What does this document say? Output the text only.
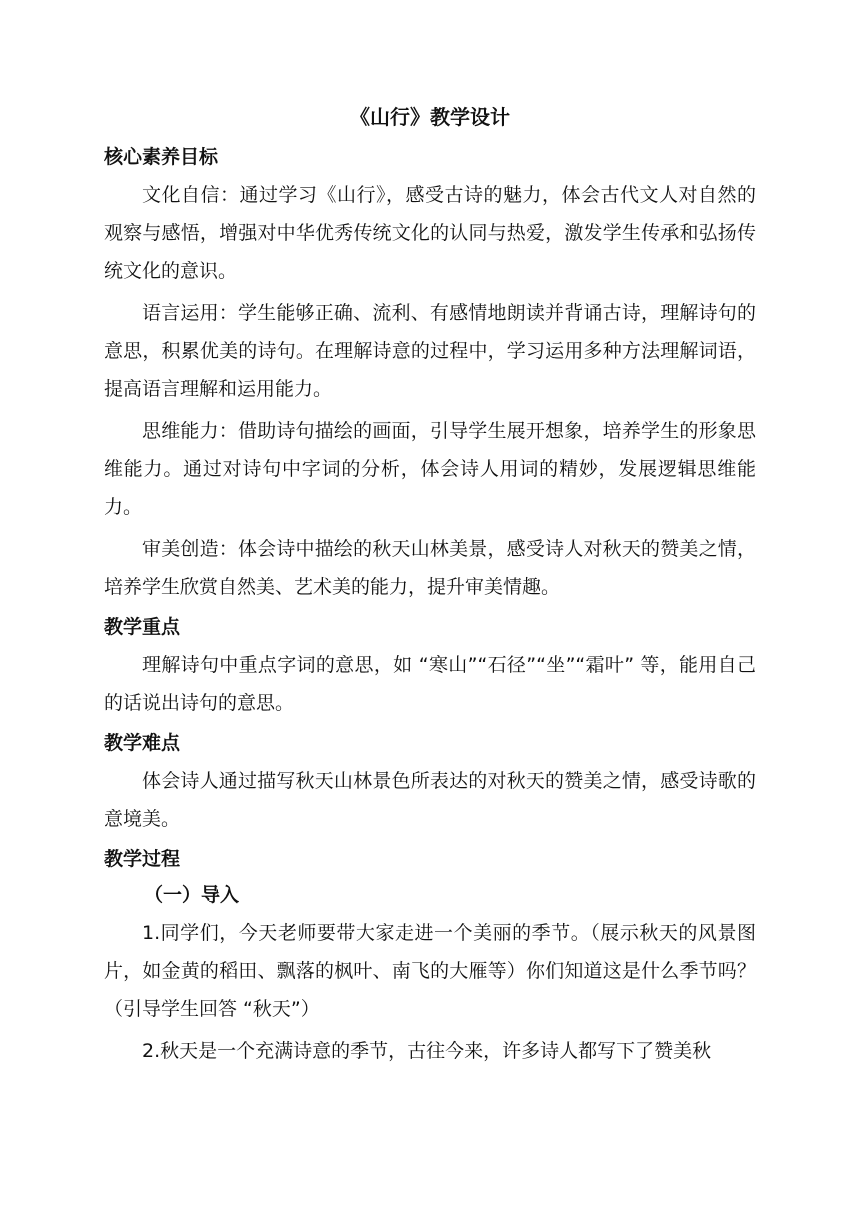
《山行》教学设计
核心素养目标

文化自信：通过学习《山行》，感受古诗的魅力，体会古代文人对自然的观察与感悟，增强对中华优秀传统文化的认同与热爱，激发学生传承和弘扬传统文化的意识。

语言运用：学生能够正确、流利、有感情地朗读并背诵古诗，理解诗句的意思，积累优美的诗句。在理解诗意的过程中，学习运用多种方法理解词语，提高语言理解和运用能力。

思维能力：借助诗句描绘的画面，引导学生展开想象，培养学生的形象思维能力。通过对诗句中字词的分析，体会诗人用词的精妙，发展逻辑思维能力。

审美创造：体会诗中描绘的秋天山林美景，感受诗人对秋天的赞美之情，培养学生欣赏自然美、艺术美的能力，提升审美情趣。

教学重点

理解诗句中重点字词的意思，如 “寒山”“石径”“坐”“霜叶” 等，能用自己的话说出诗句的意思。

教学难点

体会诗人通过描写秋天山林景色所表达的对秋天的赞美之情，感受诗歌的意境美。

教学过程
（一）导入

1.同学们，今天老师要带大家走进一个美丽的季节。（展示秋天的风景图片，如金黄的稻田、飘落的枫叶、南飞的大雁等）你们知道这是什么季节吗？（引导学生回答 “秋天”）

2.秋天是一个充满诗意的季节，古往今来，许多诗人都写下了赞美秋
